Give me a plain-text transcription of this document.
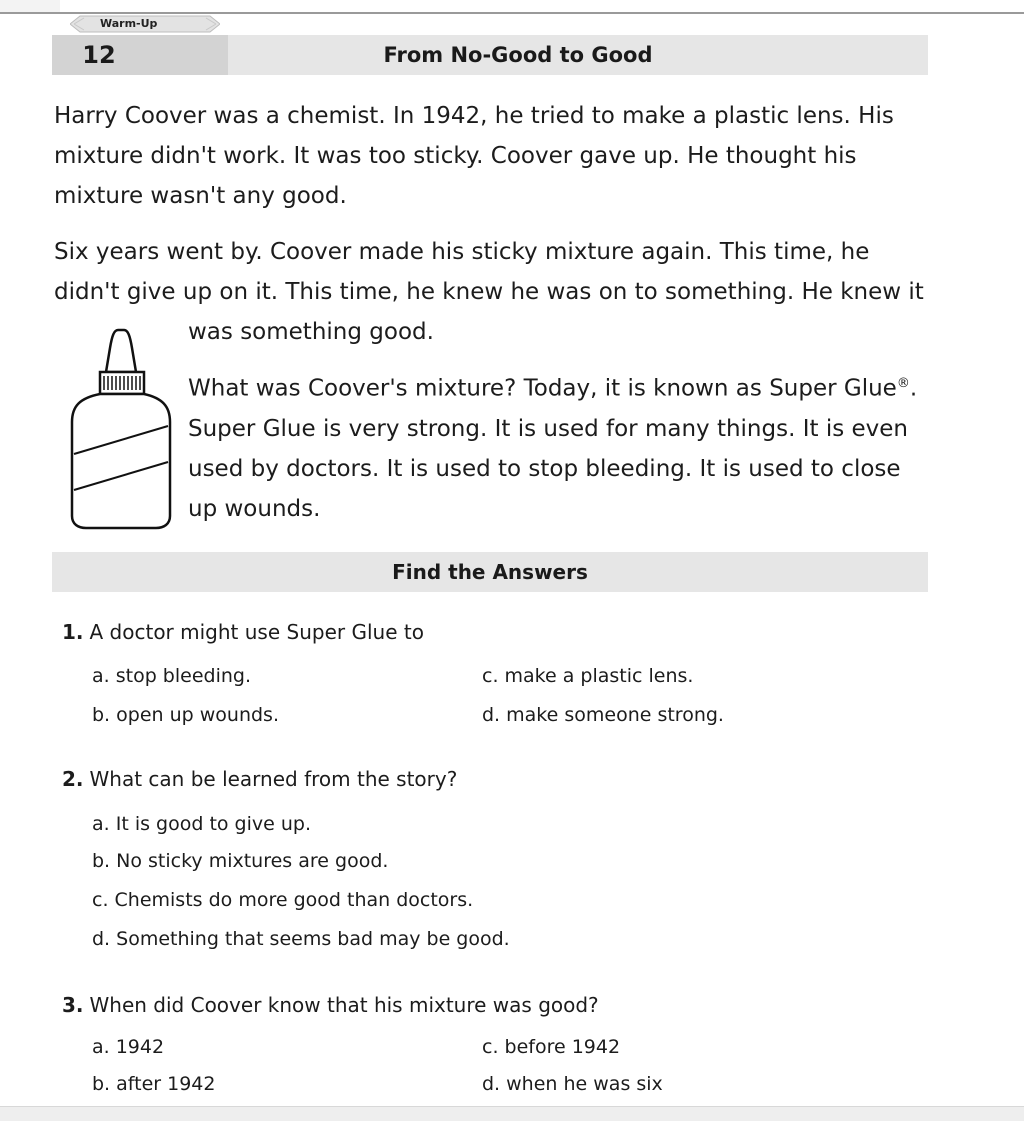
Warm-Up
12	From No-Good to Good
Harry Coover was a chemist. In 1942, he tried to make a plastic lens. His mixture didn't work. It was too sticky. Coover gave up. He thought his mixture wasn't any good.
Six years went by. Coover made his sticky mixture again. This time, he didn't give up on it. This time, he knew he was on to something. He knew it
was something good.
What was Coover's mixture? Today, it is known as Super Glue®. Super Glue is very strong. It is used for many things. It is even used by doctors. It is used to stop bleeding. It is used to close up wounds.
Find the Answers
1. A doctor might use Super Glue to
a. stop bleeding.
b. open up wounds.
c. make a plastic lens.
d. make someone strong.
2. What can be learned from the story?
a. It is good to give up.
b. No sticky mixtures are good.
c. Chemists do more good than doctors.
d. Something that seems bad may be good.
3. When did Coover know that his mixture was good?
a. 1942
b. after 1942
c. before 1942
d. when he was six
